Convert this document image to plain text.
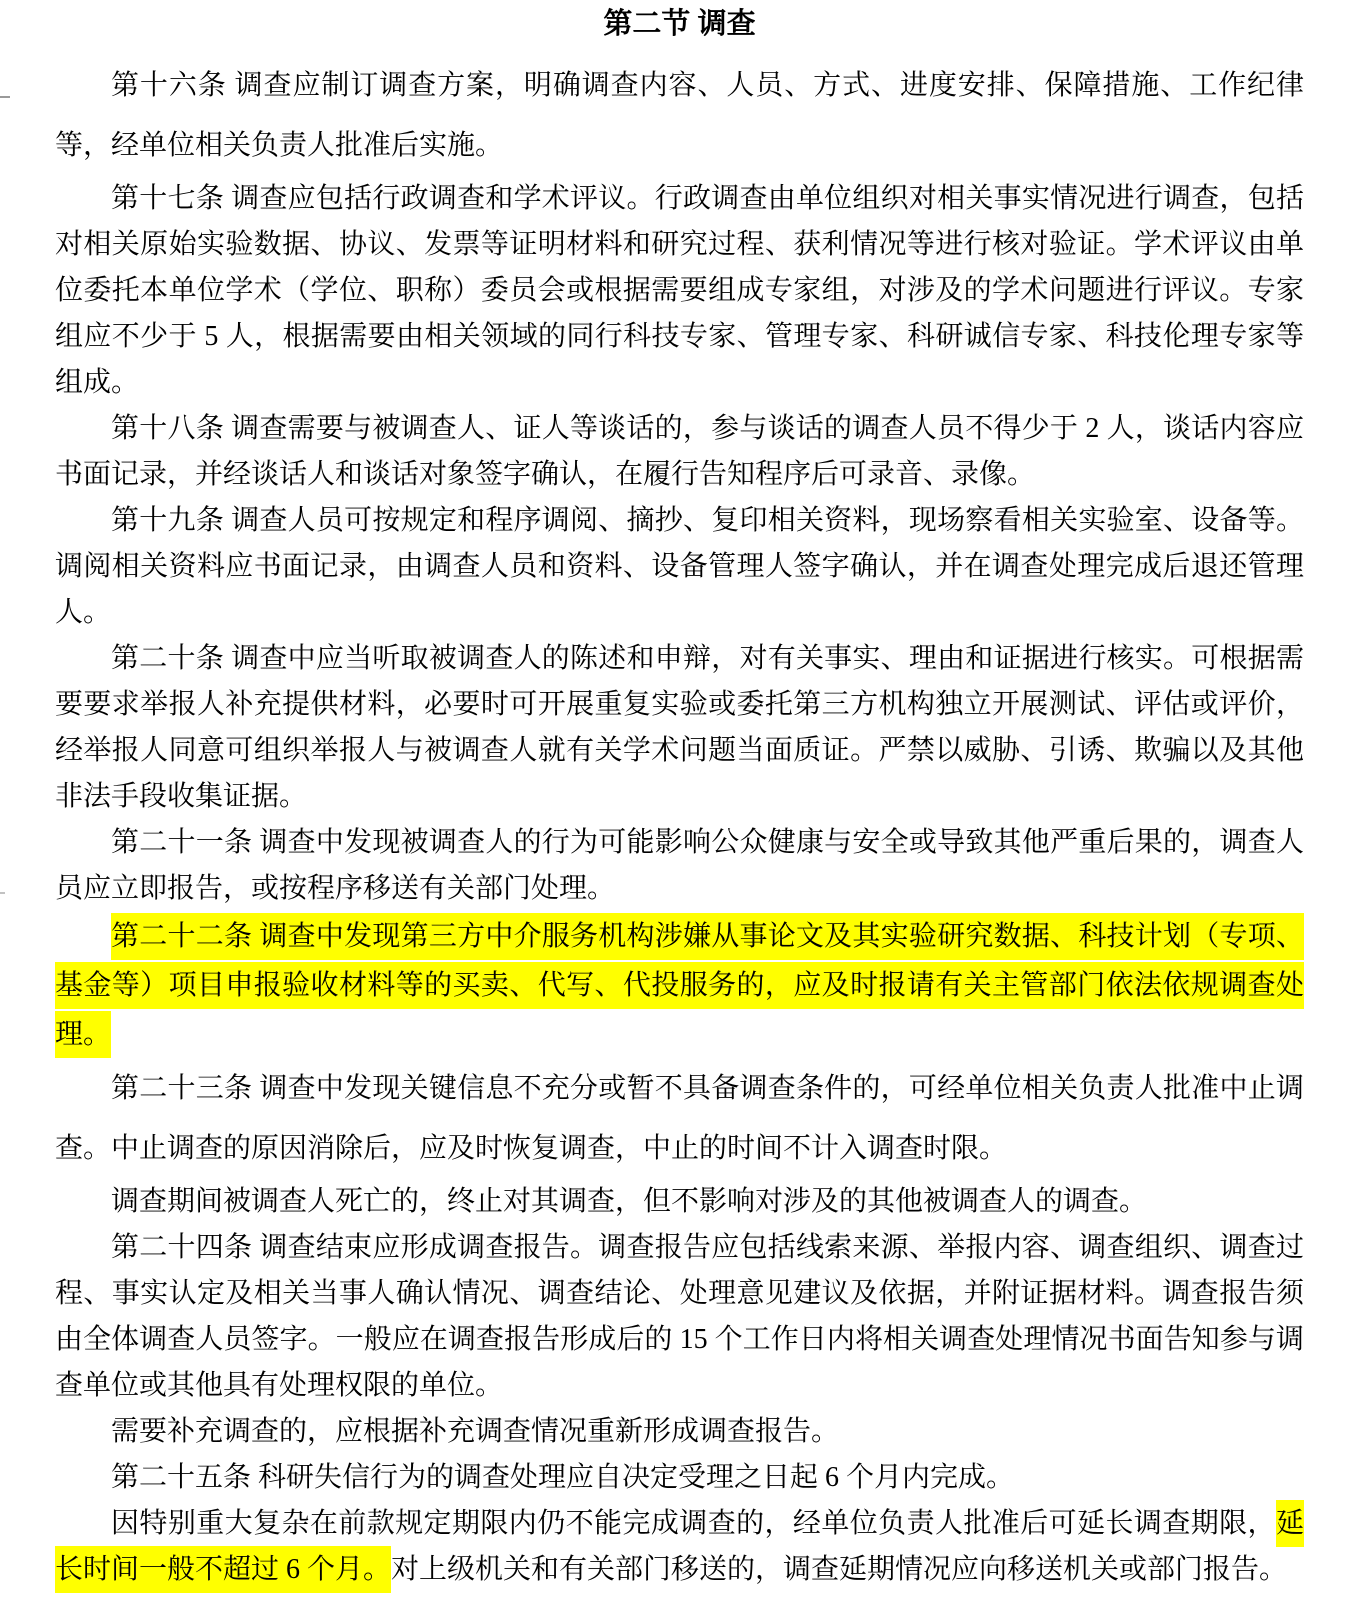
第二节 调查

第十六条 调查应制订调查方案，明确调查内容、人员、方式、进度安排、保障措施、工作纪律等，经单位相关负责人批准后实施。

第十七条 调查应包括行政调查和学术评议。行政调查由单位组织对相关事实情况进行调查，包括对相关原始实验数据、协议、发票等证明材料和研究过程、获利情况等进行核对验证。学术评议由单位委托本单位学术（学位、职称）委员会或根据需要组成专家组，对涉及的学术问题进行评议。专家组应不少于 5 人，根据需要由相关领域的同行科技专家、管理专家、科研诚信专家、科技伦理专家等组成。

第十八条 调查需要与被调查人、证人等谈话的，参与谈话的调查人员不得少于 2 人，谈话内容应书面记录，并经谈话人和谈话对象签字确认，在履行告知程序后可录音、录像。

第十九条 调查人员可按规定和程序调阅、摘抄、复印相关资料，现场察看相关实验室、设备等。调阅相关资料应书面记录，由调查人员和资料、设备管理人签字确认，并在调查处理完成后退还管理人。

第二十条 调查中应当听取被调查人的陈述和申辩，对有关事实、理由和证据进行核实。可根据需要要求举报人补充提供材料，必要时可开展重复实验或委托第三方机构独立开展测试、评估或评价，经举报人同意可组织举报人与被调查人就有关学术问题当面质证。严禁以威胁、引诱、欺骗以及其他非法手段收集证据。

第二十一条 调查中发现被调查人的行为可能影响公众健康与安全或导致其他严重后果的，调查人员应立即报告，或按程序移送有关部门处理。

第二十二条 调查中发现第三方中介服务机构涉嫌从事论文及其实验研究数据、科技计划（专项、基金等）项目申报验收材料等的买卖、代写、代投服务的，应及时报请有关主管部门依法依规调查处理。

第二十三条 调查中发现关键信息不充分或暂不具备调查条件的，可经单位相关负责人批准中止调查。中止调查的原因消除后，应及时恢复调查，中止的时间不计入调查时限。

调查期间被调查人死亡的，终止对其调查，但不影响对涉及的其他被调查人的调查。

第二十四条 调查结束应形成调查报告。调查报告应包括线索来源、举报内容、调查组织、调查过程、事实认定及相关当事人确认情况、调查结论、处理意见建议及依据，并附证据材料。调查报告须由全体调查人员签字。一般应在调查报告形成后的 15 个工作日内将相关调查处理情况书面告知参与调查单位或其他具有处理权限的单位。

需要补充调查的，应根据补充调查情况重新形成调查报告。

第二十五条 科研失信行为的调查处理应自决定受理之日起 6 个月内完成。

因特别重大复杂在前款规定期限内仍不能完成调查的，经单位负责人批准后可延长调查期限，延长时间一般不超过 6 个月。对上级机关和有关部门移送的，调查延期情况应向移送机关或部门报告。
